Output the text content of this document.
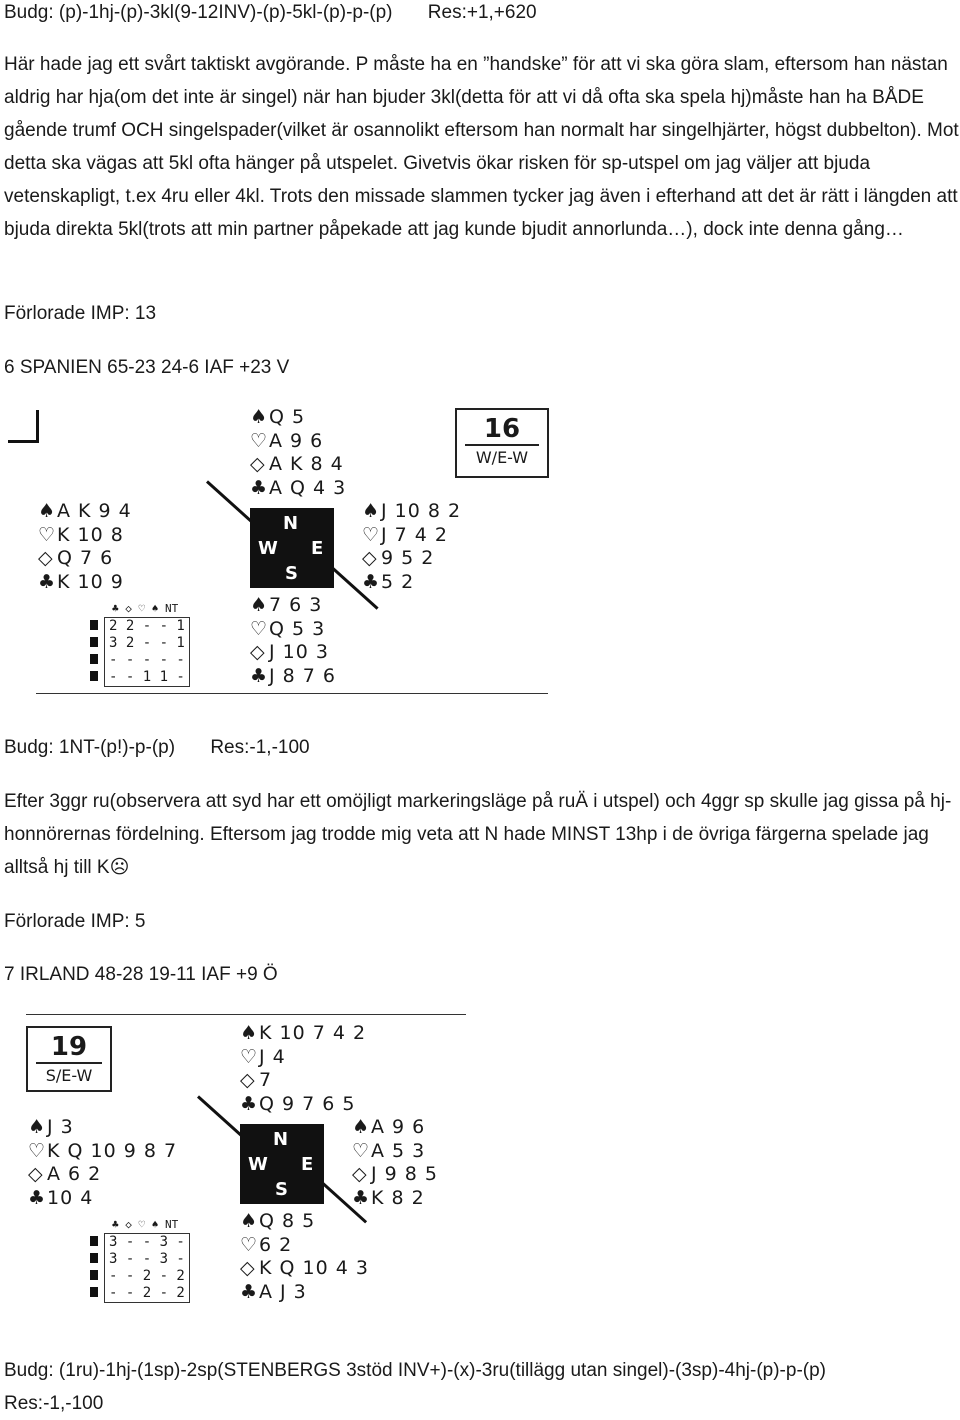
Budg: (p)-1hj-(p)-3kl(9-12INV)-(p)-5kl-(p)-p-(p) Res:+1,+620
Här hade jag ett svårt taktiskt avgörande. P måste ha en ”handske” för att vi ska göra slam, eftersom han nästan aldrig har hja(om det inte är singel) när han bjuder 3kl(detta för att vi då ofta ska spela hj)måste han ha BÅDE gående trumf OCH singelspader(vilket är osannolikt eftersom han normalt har singelhjärter, högst dubbelton). Mot detta ska vägas att 5kl ofta hänger på utspelet. Givetvis ökar risken för sp-utspel om jag väljer att bjuda vetenskapligt, t.ex 4ru eller 4kl. Trots den missade slammen tycker jag även i efterhand att det är rätt i längden att bjuda direkta 5kl(trots att min partner påpekade att jag kunde bjudit annorlunda…), dock inte denna gång…
Förlorade IMP: 13
6 SPANIEN 65-23 24-6 IAF +23 V
♠Q 5
♡A 9 6
◇ A K 8 4
♣A Q 4 3
♠A K 9 4
♡K 10 8
◇ Q 7 6
♣K 10 9
♠J 10 8 2
♡J 7 4 2
◇ 9 5 2
♣5 2
♠7 6 3
♡Q 5 3
◇ J 10 3
♣J 8 7 6
N
W E
S
16
W/E-W
♣ ◇ ♡ ♠ NT
2 2 - - 1
3 2 - - 1
- - - - -
- - 1 1 -
Budg: 1NT-(p!)-p-(p) Res:-1,-100
Efter 3ggr ru(observera att syd har ett omöjligt markeringsläge på ruÄ i utspel) och 4ggr sp skulle jag gissa på hj-honnörernas fördelning. Eftersom jag trodde mig veta att N hade MINST 13hp i de övriga färgerna spelade jag alltså hj till K☹
Förlorade IMP: 5
7 IRLAND 48-28 19-11 IAF +9 Ö
19
S/E-W
♠K 10 7 4 2
♡J 4
◇ 7
♣Q 9 7 6 5
♠J 3
♡K Q 10 9 8 7
◇ A 6 2
♣10 4
♠A 9 6
♡A 5 3
◇ J 9 8 5
♣K 8 2
♠Q 8 5
♡6 2
◇ K Q 10 4 3
♣A J 3
N
W E
S
♣ ◇ ♡ ♠ NT
3 - - 3 -
3 - - 3 -
- - 2 - 2
- - 2 - 2
Budg: (1ru)-1hj-(1sp)-2sp(STENBERGS 3stöd INV+)-(x)-3ru(tillägg utan singel)-(3sp)-4hj-(p)-p-(p)
Res:-1,-100
